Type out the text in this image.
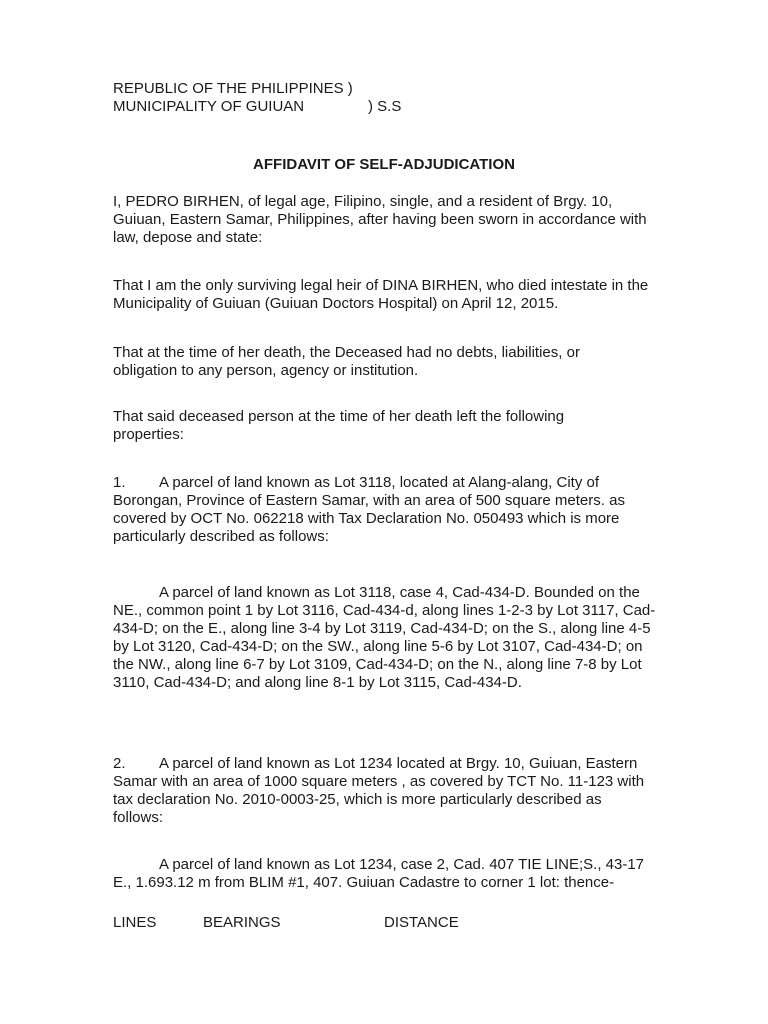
REPUBLIC OF THE PHILIPPINES )
MUNICIPALITY OF GUIUAN	) S.S

AFFIDAVIT OF SELF-ADJUDICATION

I, PEDRO BIRHEN, of legal age, Filipino, single, and a resident of Brgy. 10, Guiuan, Eastern Samar, Philippines, after having been sworn in accordance with law, depose and state:

That I am the only surviving legal heir of DINA BIRHEN, who died intestate in the Municipality of Guiuan (Guiuan Doctors Hospital) on April 12, 2015.

That at the time of her death, the Deceased had no debts, liabilities, or obligation to any person, agency or institution.

That said deceased person at the time of her death left the following properties:

1. A parcel of land known as Lot 3118, located at Alang-alang, City of Borongan, Province of Eastern Samar, with an area of 500 square meters. as covered by OCT No. 062218 with Tax Declaration No. 050493 which is more particularly described as follows:

A parcel of land known as Lot 3118, case 4, Cad-434-D. Bounded on the NE., common point 1 by Lot 3116, Cad-434-d, along lines 1-2-3 by Lot 3117, Cad-434-D; on the E., along line 3-4 by Lot 3119, Cad-434-D; on the S., along line 4-5 by Lot 3120, Cad-434-D; on the SW., along line 5-6 by Lot 3107, Cad-434-D; on the NW., along line 6-7 by Lot 3109, Cad-434-D; on the N., along line 7-8 by Lot 3110, Cad-434-D; and along line 8-1 by Lot 3115, Cad-434-D.

2. A parcel of land known as Lot 1234 located at Brgy. 10, Guiuan, Eastern Samar with an area of 1000 square meters , as covered by TCT No. 11-123 with tax declaration No. 2010-0003-25, which is more particularly described as follows:

A parcel of land known as Lot 1234, case 2, Cad. 407 TIE LINE;S., 43-17 E., 1.693.12 m from BLIM #1, 407. Guiuan Cadastre to corner 1 lot: thence-

LINES	BEARINGS	DISTANCE
